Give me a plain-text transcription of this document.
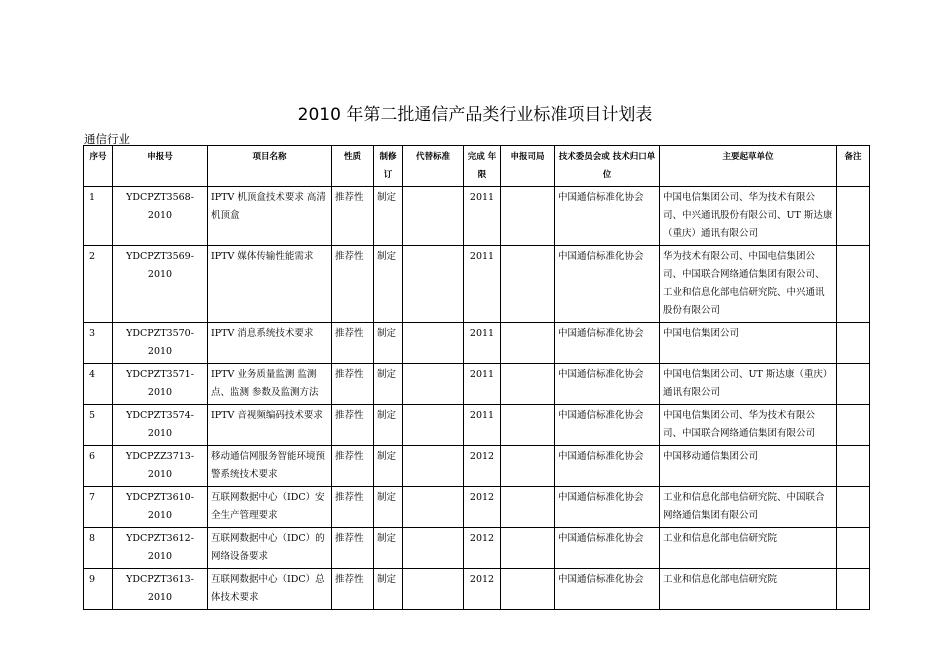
2010 年第二批通信产品类行业标准项目计划表
通信行业
序号	申报号	项目名称	性质	制修 订	代替标准	完成 年限	申报司局	技术委员会或 技术归口单位	主要起草单位	备注
1	YDCPZT3568-2010	IPTV 机顶盒技术要求 高清机顶盒	推荐性	制定		2011		中国通信标准化协会	中国电信集团公司、华为技术有限公司、中兴通讯股份有限公司、UT 斯达康（重庆）通讯有限公司	
2	YDCPZT3569-2010	IPTV 媒体传输性能需求	推荐性	制定		2011		中国通信标准化协会	华为技术有限公司、中国电信集团公司、中国联合网络通信集团有限公司、工业和信息化部电信研究院、中兴通讯股份有限公司	
3	YDCPZT3570-2010	IPTV 消息系统技术要求	推荐性	制定		2011		中国通信标准化协会	中国电信集团公司	
4	YDCPZT3571-2010	IPTV 业务质量监测 监测点、监测 参数及监测方法	推荐性	制定		2011		中国通信标准化协会	中国电信集团公司、UT 斯达康（重庆）通讯有限公司	
5	YDCPZT3574-2010	IPTV 音视频编码技术要求	推荐性	制定		2011		中国通信标准化协会	中国电信集团公司、华为技术有限公司、中国联合网络通信集团有限公司	
6	YDCPZZ3713-2010	移动通信网服务智能环境预警系统技术要求	推荐性	制定		2012		中国通信标准化协会	中国移动通信集团公司	
7	YDCPZT3610-2010	互联网数据中心（IDC）安全生产管理要求	推荐性	制定		2012		中国通信标准化协会	工业和信息化部电信研究院、中国联合网络通信集团有限公司	
8	YDCPZT3612-2010	互联网数据中心（IDC）的网络设备要求	推荐性	制定		2012		中国通信标准化协会	工业和信息化部电信研究院	
9	YDCPZT3613-2010	互联网数据中心（IDC）总体技术要求	推荐性	制定		2012		中国通信标准化协会	工业和信息化部电信研究院	
